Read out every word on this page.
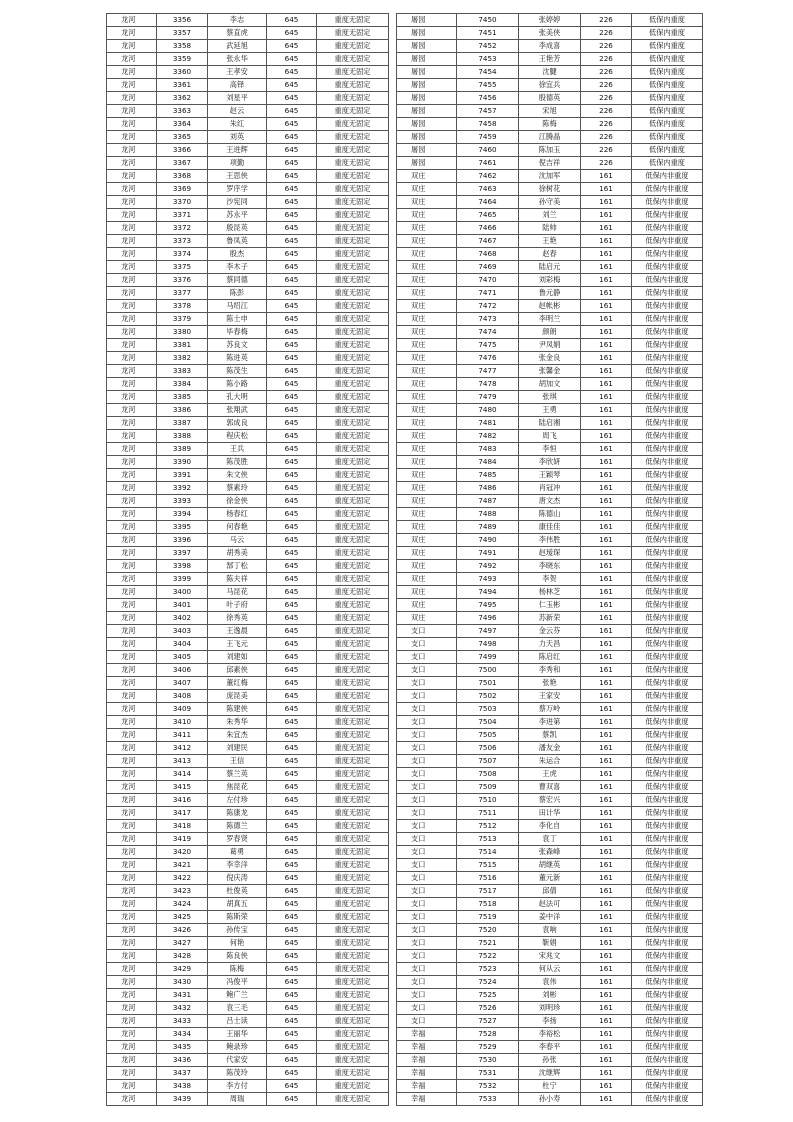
龙河	3356	李志	645	重度无固定
龙河	3357	蔡直虎	645	重度无固定
龙河	3358	武延旭	645	重度无固定
龙河	3359	张永华	645	重度无固定
龙河	3360	王孝安	645	重度无固定
龙河	3361	高铎	645	重度无固定
龙河	3362	刘星平	645	重度无固定
龙河	3363	赵云	645	重度无固定
龙河	3364	朱红	645	重度无固定
龙河	3365	刘英	645	重度无固定
龙河	3366	王进辉	645	重度无固定
龙河	3367	项勤	645	重度无固定
龙河	3368	王思侠	645	重度无固定
龙河	3369	罗序学	645	重度无固定
龙河	3370	沙宪同	645	重度无固定
龙河	3371	苏永平	645	重度无固定
龙河	3372	殷昆英	645	重度无固定
龙河	3373	鲁凤英	645	重度无固定
龙河	3374	殷杰	645	重度无固定
龙河	3375	李木子	645	重度无固定
龙河	3376	蔡同德	645	重度无固定
龙河	3377	陈彭	645	重度无固定
龙河	3378	马绍江	645	重度无固定
龙河	3379	陈士申	645	重度无固定
龙河	3380	毕春梅	645	重度无固定
龙河	3381	苏良文	645	重度无固定
龙河	3382	陈进英	645	重度无固定
龙河	3383	陈茂生	645	重度无固定
龙河	3384	陈小路	645	重度无固定
龙河	3385	孔大明	645	重度无固定
龙河	3386	张翔武	645	重度无固定
龙河	3387	郭成良	645	重度无固定
龙河	3388	程庆松	645	重度无固定
龙河	3389	王兵	645	重度无固定
龙河	3390	陈茂胜	645	重度无固定
龙河	3391	朱文侠	645	重度无固定
龙河	3392	蔡素玲	645	重度无固定
龙河	3393	徐金侠	645	重度无固定
龙河	3394	杨春红	645	重度无固定
龙河	3395	何春艳	645	重度无固定
龙河	3396	马云	645	重度无固定
龙河	3397	胡秀美	645	重度无固定
龙河	3398	郜丁松	645	重度无固定
龙河	3399	陈夫祥	645	重度无固定
龙河	3400	马昆花	645	重度无固定
龙河	3401	叶子府	645	重度无固定
龙河	3402	徐秀英	645	重度无固定
龙河	3403	王逸晨	645	重度无固定
龙河	3404	王飞元	645	重度无固定
龙河	3405	刘建如	645	重度无固定
龙河	3406	邱素侠	645	重度无固定
龙河	3407	董红梅	645	重度无固定
龙河	3408	庞昆美	645	重度无固定
龙河	3409	陈建侠	645	重度无固定
龙河	3410	朱秀华	645	重度无固定
龙河	3411	朱宜杰	645	重度无固定
龙河	3412	刘建民	645	重度无固定
龙河	3413	王信	645	重度无固定
龙河	3414	蔡兰英	645	重度无固定
龙河	3415	焦昆花	645	重度无固定
龙河	3416	左付珍	645	重度无固定
龙河	3417	陈康龙	645	重度无固定
龙河	3418	陈德兰	645	重度无固定
龙河	3419	罗春贤	645	重度无固定
龙河	3420	葛勇	645	重度无固定
龙河	3421	李幸洋	645	重度无固定
龙河	3422	倪庆涛	645	重度无固定
龙河	3423	杜俊英	645	重度无固定
龙河	3424	胡真五	645	重度无固定
龙河	3425	陈斯荣	645	重度无固定
龙河	3426	孙传宝	645	重度无固定
龙河	3427	何艳	645	重度无固定
龙河	3428	陈良侠	645	重度无固定
龙河	3429	陈梅	645	重度无固定
龙河	3430	冯俊平	645	重度无固定
龙河	3431	鲍广兰	645	重度无固定
龙河	3432	袁三毛	645	重度无固定
龙河	3433	吕士读	645	重度无固定
龙河	3434	王丽华	645	重度无固定
龙河	3435	鲍录珍	645	重度无固定
龙河	3436	代家安	645	重度无固定
龙河	3437	陈茂玲	645	重度无固定
龙河	3438	李方付	645	重度无固定
龙河	3439	周瑞	645	重度无固定
屠园	7450	张婷婷	226	低保内重度
屠园	7451	张美侠	226	低保内重度
屠园	7452	李成喜	226	低保内重度
屠园	7453	王艳芳	226	低保内重度
屠园	7454	沈腱	226	低保内重度
屠园	7455	徐宜兵	226	低保内重度
屠园	7456	殷德英	226	低保内重度
屠园	7457	宋旭	226	低保内重度
屠园	7458	陈梅	226	低保内重度
屠园	7459	江腾晶	226	低保内重度
屠园	7460	陈加玉	226	低保内重度
屠园	7461	倪吉祥	226	低保内重度
双庄	7462	沈加军	161	低保内非重度
双庄	7463	徐树花	161	低保内非重度
双庄	7464	孙守美	161	低保内非重度
双庄	7465	刘兰	161	低保内非重度
双庄	7466	陆帅	161	低保内非重度
双庄	7467	王艳	161	低保内非重度
双庄	7468	赵春	161	低保内非重度
双庄	7469	陆启元	161	低保内非重度
双庄	7470	刘彩梅	161	低保内非重度
双庄	7471	鲁元静	161	低保内非重度
双庄	7472	赵帐彬	161	低保内非重度
双庄	7473	李明兰	161	低保内非重度
双庄	7474	颜朗	161	低保内非重度
双庄	7475	尹凤娟	161	低保内非重度
双庄	7476	张金良	161	低保内非重度
双庄	7477	张馨金	161	低保内非重度
双庄	7478	胡加文	161	低保内非重度
双庄	7479	张琪	161	低保内非重度
双庄	7480	王勇	161	低保内非重度
双庄	7481	陆启湘	161	低保内非重度
双庄	7482	周飞	161	低保内非重度
双庄	7483	李恒	161	低保内非重度
双庄	7484	李欣妍	161	低保内非重度
双庄	7485	王颖琴	161	低保内非重度
双庄	7486	肖冠冲	161	低保内非重度
双庄	7487	唐文杰	161	低保内非重度
双庄	7488	陈德山	161	低保内非重度
双庄	7489	康佳佳	161	低保内非重度
双庄	7490	李伟胜	161	低保内非重度
双庄	7491	赵瑷琛	161	低保内非重度
双庄	7492	李晓东	161	低保内非重度
双庄	7493	李贺	161	低保内非重度
双庄	7494	杨林芝	161	低保内非重度
双庄	7495	仁玉彬	161	低保内非重度
双庄	7496	苏新荣	161	低保内非重度
支口	7497	金云芬	161	低保内非重度
支口	7498	力天昌	161	低保内非重度
支口	7499	陈启红	161	低保内非重度
支口	7500	李秀和	161	低保内非重度
支口	7501	张艳	161	低保内非重度
支口	7502	王家安	161	低保内非重度
支口	7503	蔡万岭	161	低保内非重度
支口	7504	李进第	161	低保内非重度
支口	7505	蔡凯	161	低保内非重度
支口	7506	潘友金	161	低保内非重度
支口	7507	朱运合	161	低保内非重度
支口	7508	王虎	161	低保内非重度
支口	7509	曹双喜	161	低保内非重度
支口	7510	蔡宏兴	161	低保内非重度
支口	7511	田计华	161	低保内非重度
支口	7512	李化自	161	低保内非重度
支口	7513	袁丁	161	低保内非重度
支口	7514	张森峰	161	低保内非重度
支口	7515	胡继英	161	低保内非重度
支口	7516	董元新	161	低保内非重度
支口	7517	邱倩	161	低保内非重度
支口	7518	赵法可	161	低保内非重度
支口	7519	姜中洋	161	低保内非重度
支口	7520	袁响	161	低保内非重度
支口	7521	靳娟	161	低保内非重度
支口	7522	宋兆文	161	低保内非重度
支口	7523	何从云	161	低保内非重度
支口	7524	袁伟	161	低保内非重度
支口	7525	刘彬	161	低保内非重度
支口	7526	刘明珍	161	低保内非重度
支口	7527	李扬	161	低保内非重度
幸福	7528	李裕松	161	低保内非重度
幸福	7529	李春平	161	低保内非重度
幸福	7530	孙张	161	低保内非重度
幸福	7531	沈继辉	161	低保内非重度
幸福	7532	杜宁	161	低保内非重度
幸福	7533	孙小寿	161	低保内非重度
